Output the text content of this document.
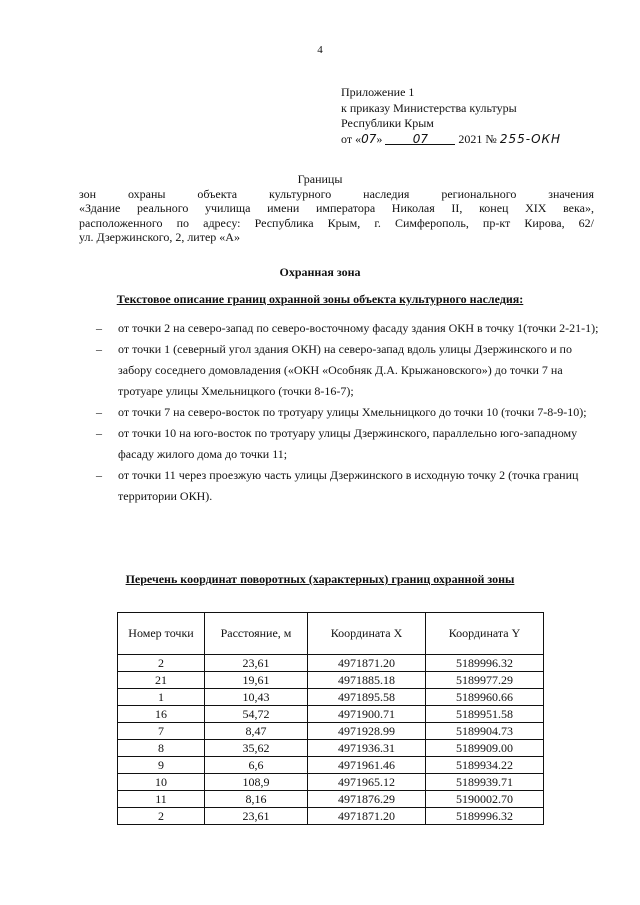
4
Приложение 1
к приказу Министерства культуры
Республики Крым
от «07»	07	2021 № 255-ОКН
Границы
зон охраны объекта культурного наследия регионального значения
«Здание реального училища имени императора Николая II, конец XIX века»,
расположенного по адресу: Республика Крым, г. Симферополь, пр-кт Кирова, 62/
ул. Дзержинского, 2, литер «А»
Охранная зона
Текстовое описание границ охранной зоны объекта культурного наследия:
– от точки 2 на северо-запад по северо-восточному фасаду здания ОКН в точку 1(точки 2-21-1);
– от точки 1 (северный угол здания ОКН) на северо-запад вдоль улицы Дзержинского и по забору соседнего домовладения («ОКН «Особняк Д.А. Крыжановского») до точки 7 на тротуаре улицы Хмельницкого (точки 8-16-7);
– от точки 7 на северо-восток по тротуару улицы Хмельницкого до точки 10 (точки 7-8-9-10);
– от точки 10 на юго-восток по тротуару улицы Дзержинского, параллельно юго-западному фасаду жилого дома до точки 11;
– от точки 11 через проезжую часть улицы Дзержинского в исходную точку 2 (точка границ территории ОКН).
Перечень координат поворотных (характерных) границ охранной зоны
Номер точки	Расстояние, м	Координата X	Координата Y
2	23,61	4971871.20	5189996.32
21	19,61	4971885.18	5189977.29
1	10,43	4971895.58	5189960.66
16	54,72	4971900.71	5189951.58
7	8,47	4971928.99	5189904.73
8	35,62	4971936.31	5189909.00
9	6,6	4971961.46	5189934.22
10	108,9	4971965.12	5189939.71
11	8,16	4971876.29	5190002.70
2	23,61	4971871.20	5189996.32
